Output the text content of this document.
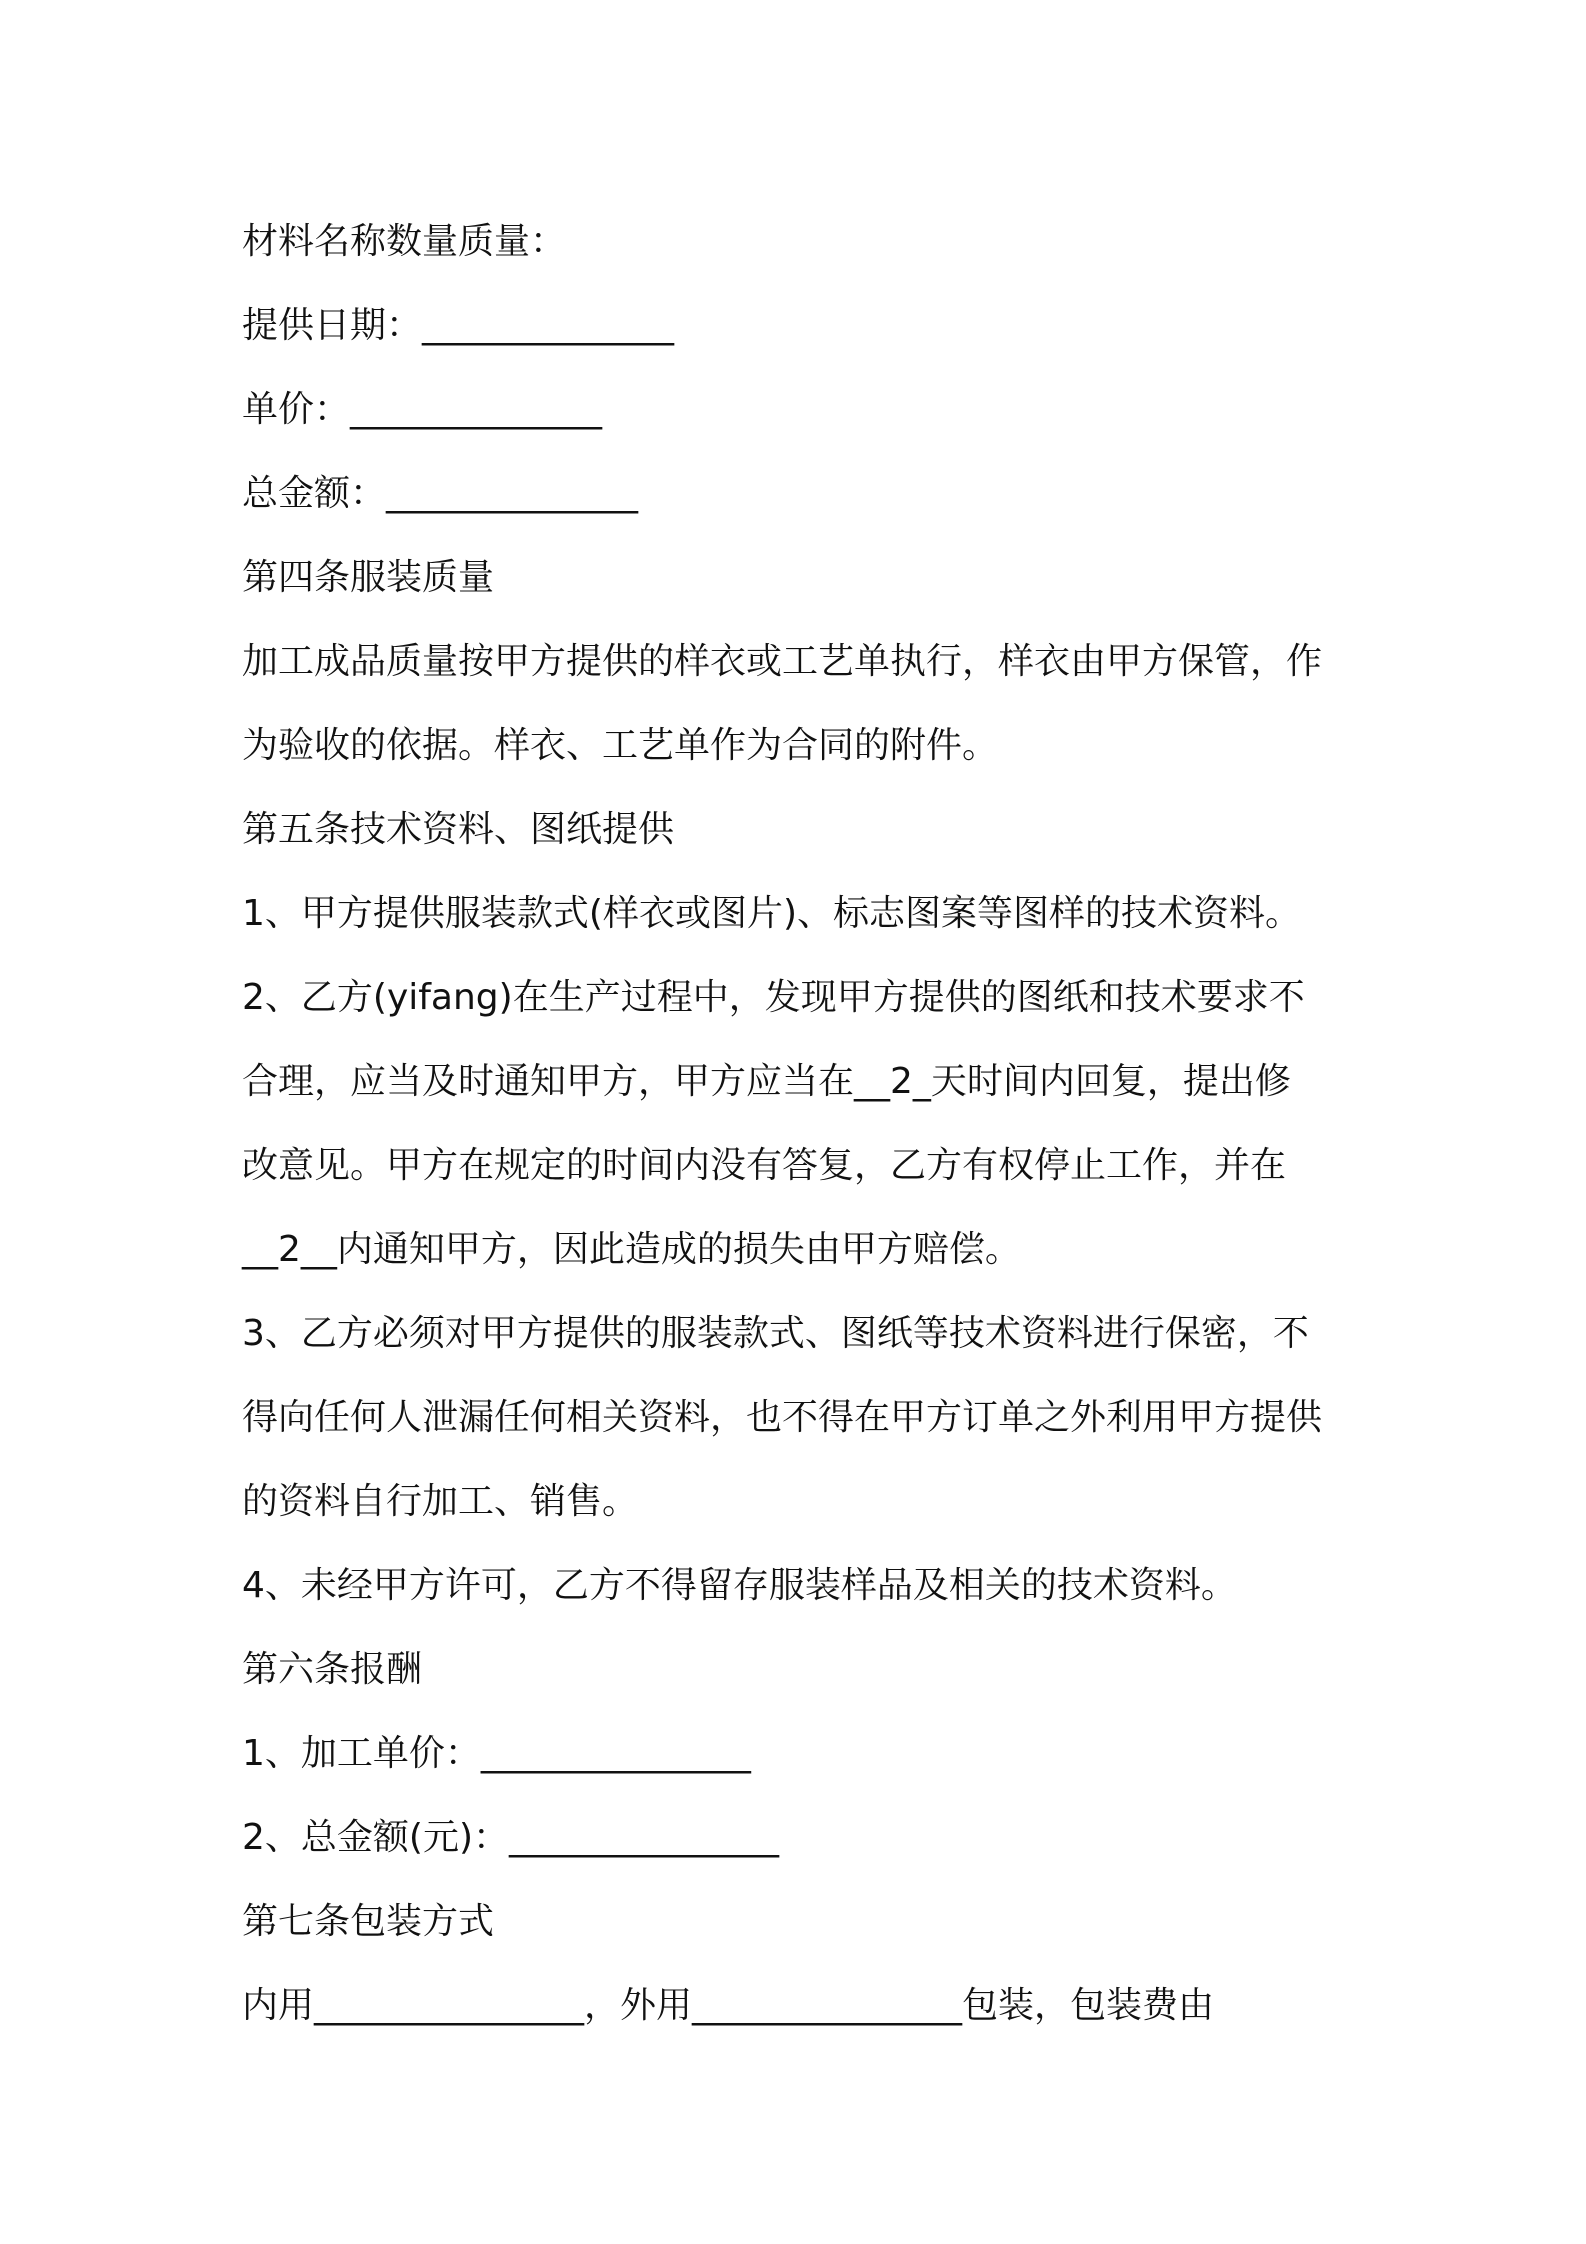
材料名称数量质量：

提供日期：______________

单价：______________

总金额：______________

第四条服装质量

加工成品质量按甲方提供的样衣或工艺单执行，样衣由甲方保管，作

为验收的依据。样衣、工艺单作为合同的附件。

第五条技术资料、图纸提供

1、甲方提供服装款式(样衣或图片)、标志图案等图样的技术资料。

2、乙方(yifang)在生产过程中，发现甲方提供的图纸和技术要求不

合理，应当及时通知甲方，甲方应当在__2_天时间内回复，提出修

改意见。甲方在规定的时间内没有答复，乙方有权停止工作，并在

__2__内通知甲方，因此造成的损失由甲方赔偿。

3、乙方必须对甲方提供的服装款式、图纸等技术资料进行保密，不

得向任何人泄漏任何相关资料，也不得在甲方订单之外利用甲方提供

的资料自行加工、销售。

4、未经甲方许可，乙方不得留存服装样品及相关的技术资料。

第六条报酬

1、加工单价：_______________

2、总金额(元)：_______________

第七条包装方式

内用_______________，外用_______________包装，包装费由
